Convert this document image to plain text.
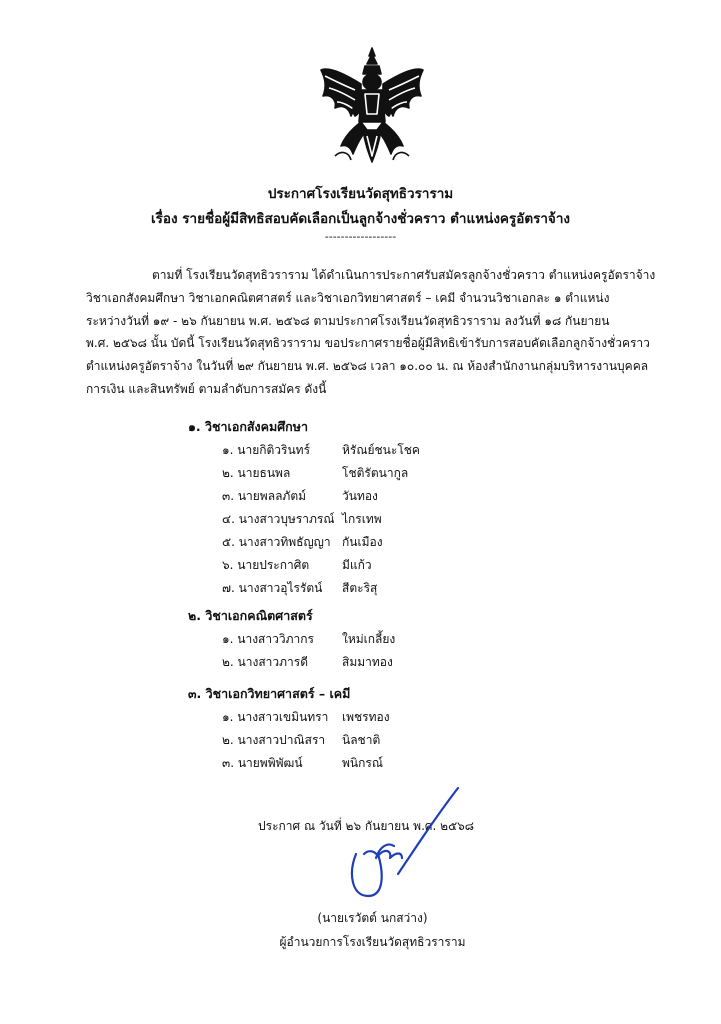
ประกาศโรงเรียนวัดสุทธิวราราม
เรื่อง รายชื่อผู้มีสิทธิสอบคัดเลือกเป็นลูกจ้างชั่วคราว ตำแหน่งครูอัตราจ้าง
------------------

ตามที่ โรงเรียนวัดสุทธิวราราม ได้ดำเนินการประกาศรับสมัครลูกจ้างชั่วคราว ตำแหน่งครูอัตราจ้าง

วิชาเอกสังคมศึกษา วิชาเอกคณิตศาสตร์ และวิชาเอกวิทยาศาสตร์ – เคมี จำนวนวิชาเอกละ ๑ ตำแหน่ง

ระหว่างวันที่ ๑๙ - ๒๖ กันยายน พ.ศ. ๒๕๖๘ ตามประกาศโรงเรียนวัดสุทธิวราราม ลงวันที่ ๑๘ กันยายน

พ.ศ. ๒๕๖๘ นั้น บัดนี้ โรงเรียนวัดสุทธิวราราม ขอประกาศรายชื่อผู้มีสิทธิเข้ารับการสอบคัดเลือกลูกจ้างชั่วคราว

ตำแหน่งครูอัตราจ้าง ในวันที่ ๒๙ กันยายน พ.ศ. ๒๕๖๘ เวลา ๑๐.๐๐ น. ณ ห้องสำนักงานกลุ่มบริหารงานบุคคล

การเงิน และสินทรัพย์ ตามลำดับการสมัคร ดังนี้

๑. วิชาเอกสังคมศึกษา
๑. นายกิติวรินทร์	หิรัณย์ชนะโชค
๒. นายธนพล	โชติรัตนากูล
๓. นายพลลภัตม์	วันทอง
๔. นางสาวบุษราภรณ์ ไกรเทพ
๕. นางสาวทิพธัญญา กันเมือง
๖. นายประกาศิต	มีแก้ว
๗. นางสาวอุไรรัตน์ สีตะริสุ
๒. วิชาเอกคณิตศาสตร์
๑. นางสาววิภากร ใหม่เกลี้ยง
๒. นางสาวภารดี	สิมมาทอง
๓. วิชาเอกวิทยาศาสตร์ – เคมี
๑. นางสาวเขมินทรา เพชรทอง
๒. นางสาวปาณิสรา นิลชาติ
๓. นายพพิพัฒน์	พนิกรณ์
ประกาศ ณ วันที่ ๒๖ กันยายน พ.ศ. ๒๕๖๘
(นายเรวัตต์ นกสว่าง)
ผู้อำนวยการโรงเรียนวัดสุทธิวราราม
